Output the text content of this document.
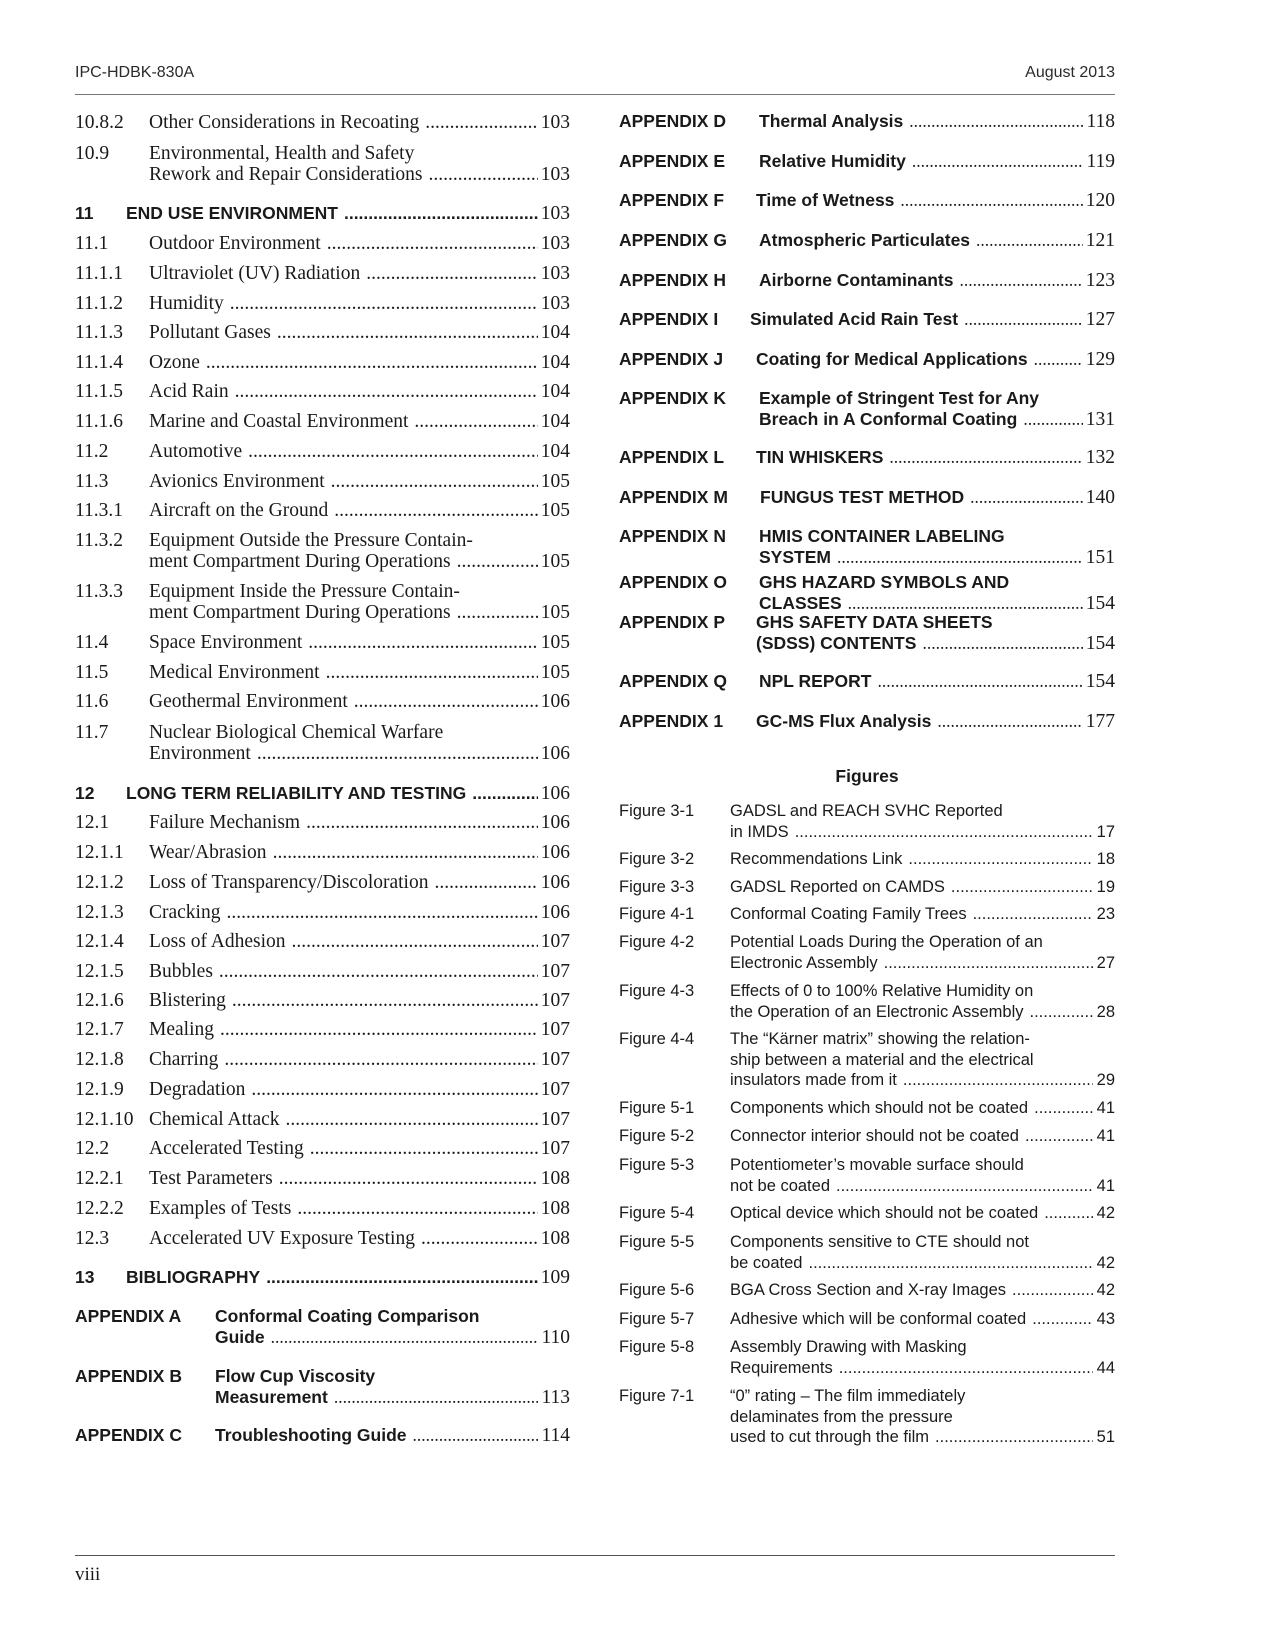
IPC-HDBK-830A	August 2013
10.8.2	Other Considerations in Recoating .....	103
10.9	Environmental, Health and Safety
Rework and Repair Considerations .....	103
11	END USE ENVIRONMENT .....	103
11.1	Outdoor Environment .....	103
11.1.1	Ultraviolet (UV) Radiation .....	103
11.1.2	Humidity .....	103
11.1.3	Pollutant Gases .....	104
11.1.4	Ozone .....	104
11.1.5	Acid Rain .....	104
11.1.6	Marine and Coastal Environment .....	104
11.2	Automotive .....	104
11.3	Avionics Environment .....	105
11.3.1	Aircraft on the Ground .....	105
11.3.2	Equipment Outside the Pressure Contain-
ment Compartment During Operations .....	105
11.3.3	Equipment Inside the Pressure Contain-
ment Compartment During Operations .....	105
11.4	Space Environment .....	105
11.5	Medical Environment .....	105
11.6	Geothermal Environment .....	106
11.7	Nuclear Biological Chemical Warfare
Environment .....	106
12	LONG TERM RELIABILITY AND TESTING .....	106
12.1	Failure Mechanism .....	106
12.1.1	Wear/Abrasion .....	106
12.1.2	Loss of Transparency/Discoloration .....	106
12.1.3	Cracking .....	106
12.1.4	Loss of Adhesion .....	107
12.1.5	Bubbles .....	107
12.1.6	Blistering .....	107
12.1.7	Mealing .....	107
12.1.8	Charring .....	107
12.1.9	Degradation .....	107
12.1.10 Chemical Attack .....	107
12.2	Accelerated Testing .....	107
12.2.1	Test Parameters .....	108
12.2.2	Examples of Tests .....	108
12.3	Accelerated UV Exposure Testing .....	108
13	BIBLIOGRAPHY .....	109
APPENDIX A	Conformal Coating Comparison
Guide .....	110
APPENDIX B	Flow Cup Viscosity
Measurement .....	113
APPENDIX C	Troubleshooting Guide .....	114
APPENDIX D	Thermal Analysis .....	118
APPENDIX E	Relative Humidity .....	119
APPENDIX F	Time of Wetness .....	120
APPENDIX G	Atmospheric Particulates .....	121
APPENDIX H	Airborne Contaminants .....	123
APPENDIX I	Simulated Acid Rain Test .....	127
APPENDIX J	Coating for Medical Applications .....	129
APPENDIX K	Example of Stringent Test for Any
Breach in A Conformal Coating .....	131
APPENDIX L	TIN WHISKERS .....	132
APPENDIX M	FUNGUS TEST METHOD .....	140
APPENDIX N	HMIS CONTAINER LABELING
SYSTEM .....	151
APPENDIX O	GHS HAZARD SYMBOLS AND
CLASSES .....	154
APPENDIX P	GHS SAFETY DATA SHEETS
(SDSS) CONTENTS .....	154
APPENDIX Q	NPL REPORT .....	154
APPENDIX 1	GC-MS Flux Analysis .....	177
Figures
Figure 3-1	GADSL and REACH SVHC Reported
in IMDS .....	17
Figure 3-2	Recommendations Link .....	18
Figure 3-3	GADSL Reported on CAMDS .....	19
Figure 4-1	Conformal Coating Family Trees .....	23
Figure 4-2	Potential Loads During the Operation of an
Electronic Assembly .....	27
Figure 4-3	Effects of 0 to 100% Relative Humidity on
the Operation of an Electronic Assembly .....	28
Figure 4-4	The “Kärner matrix” showing the relation-
ship between a material and the electrical
insulators made from it .....	29
Figure 5-1	Components which should not be coated .....	41
Figure 5-2	Connector interior should not be coated .....	41
Figure 5-3	Potentiometer’s movable surface should
not be coated .....	41
Figure 5-4	Optical device which should not be coated .....	42
Figure 5-5	Components sensitive to CTE should not
be coated .....	42
Figure 5-6	BGA Cross Section and X-ray Images .....	42
Figure 5-7	Adhesive which will be conformal coated .....	43
Figure 5-8	Assembly Drawing with Masking
Requirements .....	44
Figure 7-1	“0” rating – The film immediately
delaminates from the pressure
used to cut through the film .....	51
viii
